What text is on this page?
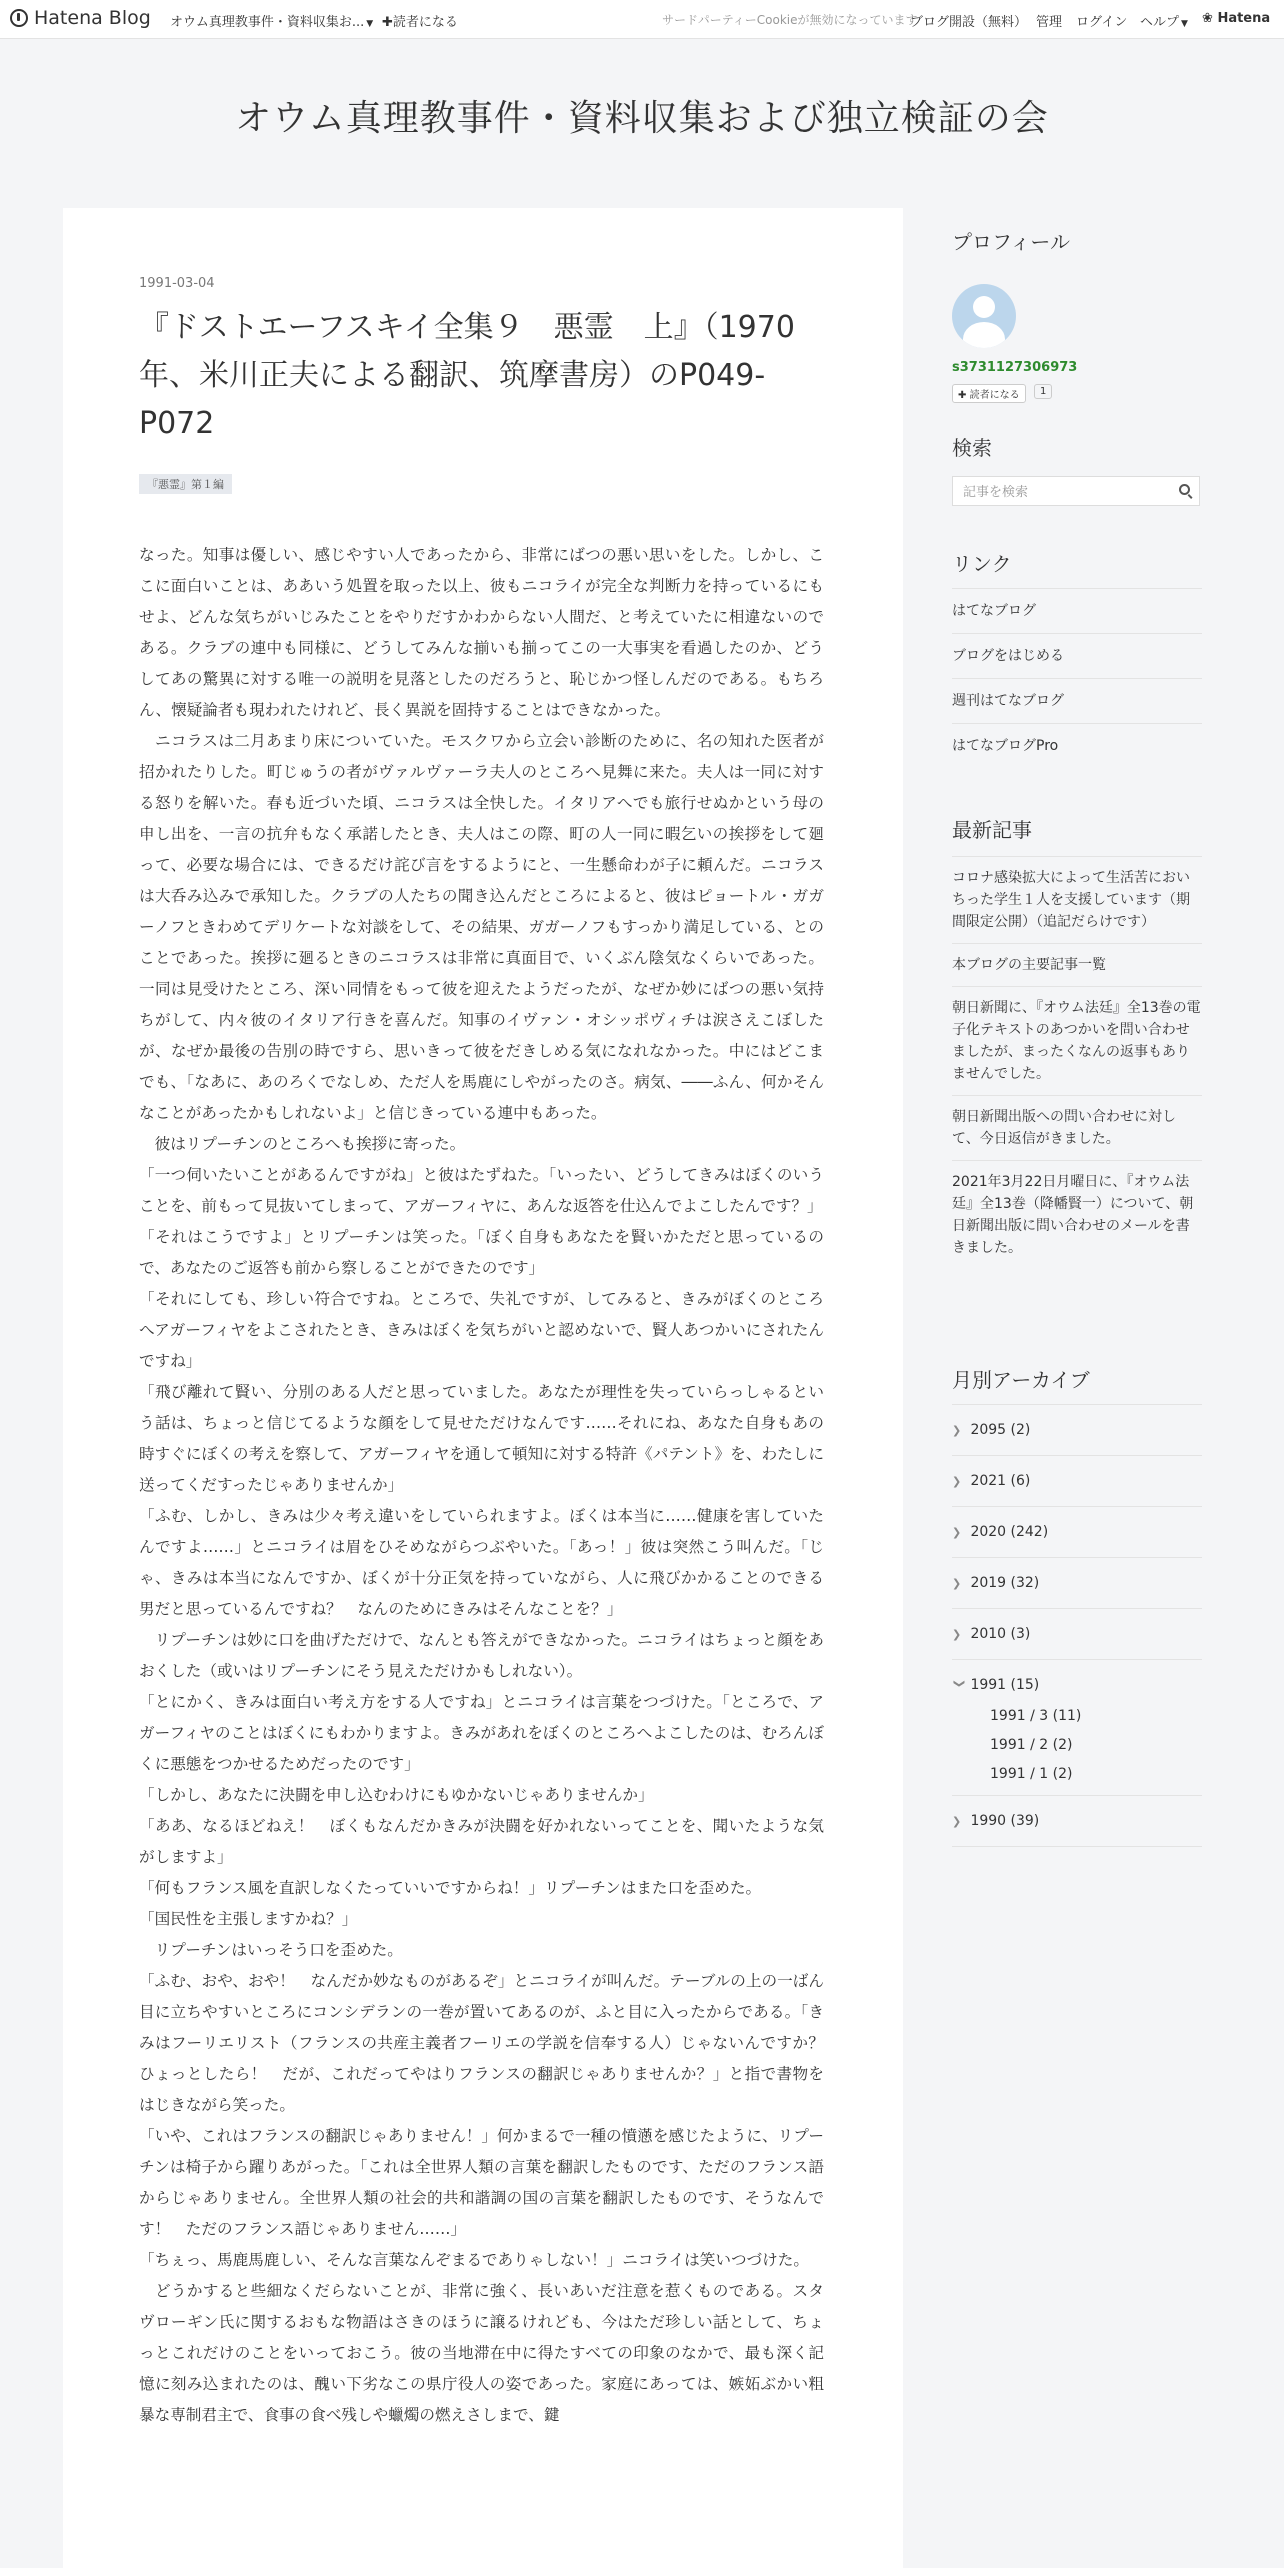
Hatena Blog オウム真理教事件・資料収集お... ▼ ✚読者になる	サードパーティーCookieが無効になっています
ブログ開設（無料） 管理 ログイン ヘルプ ▼ ❀ Hatena
オウム真理教事件・資料収集および独立検証の会
1991-03-04
『ドストエーフスキイ全集９　悪霊　上』（1970年、米川正夫による翻訳、筑摩書房）のP049-P072
『悪霊』第１編

なった。知事は優しい、感じやすい人であったから、非常にばつの悪い思いをした。しかし、ここに面白いことは、ああいう処置を取った以上、彼もニコライが完全な判断力を持っているにもせよ、どんな気ちがいじみたことをやりだすかわからない人間だ、と考えていたに相違ないのである。クラブの連中も同様に、どうしてみんな揃いも揃ってこの一大事実を看過したのか、どうしてあの驚異に対する唯一の説明を見落としたのだろうと、恥じかつ怪しんだのである。もちろん、懐疑論者も現われたけれど、長く異説を固持することはできなかった。

　ニコラスは二月あまり床についていた。モスクワから立会い診断のために、名の知れた医者が招かれたりした。町じゅうの者がヴァルヴァーラ夫人のところへ見舞に来た。夫人は一同に対する怒りを解いた。春も近づいた頃、ニコラスは全快した。イタリアへでも旅行せぬかという母の申し出を、一言の抗弁もなく承諾したとき、夫人はこの際、町の人一同に暇乞いの挨拶をして廻って、必要な場合には、できるだけ詫び言をするようにと、一生懸命わが子に頼んだ。ニコラスは大呑み込みで承知した。クラブの人たちの聞き込んだところによると、彼はピョートル・ガガーノフときわめてデリケートな対談をして、その結果、ガガーノフもすっかり満足している、とのことであった。挨拶に廻るときのニコラスは非常に真面目で、いくぶん陰気なくらいであった。一同は見受けたところ、深い同情をもって彼を迎えたようだったが、なぜか妙にばつの悪い気持ちがして、内々彼のイタリア行きを喜んだ。知事のイヴァン・オシッポヴィチは涙さえこぼしたが、なぜか最後の告別の時ですら、思いきって彼をだきしめる気になれなかった。中にはどこまでも、「なあに、あのろくでなしめ、ただ人を馬鹿にしやがったのさ。病気、――ふん、何かそんなことがあったかもしれないよ」と信じきっている連中もあった。

　彼はリプーチンのところへも挨拶に寄った。

「一つ伺いたいことがあるんですがね」と彼はたずねた。「いったい、どうしてきみはぼくのいうことを、前もって見抜いてしまって、アガーフィヤに、あんな返答を仕込んでよこしたんです？」

「それはこうですよ」とリプーチンは笑った。「ぼく自身もあなたを賢いかただと思っているので、あなたのご返答も前から察しることができたのです」

「それにしても、珍しい符合ですね。ところで、失礼ですが、してみると、きみがぼくのところへアガーフィヤをよこされたとき、きみはぼくを気ちがいと認めないで、賢人あつかいにされたんですね」

「飛び離れて賢い、分別のある人だと思っていました。あなたが理性を失っていらっしゃるという話は、ちょっと信じてるような顔をして見せただけなんです……それにね、あなた自身もあの時すぐにぼくの考えを察して、アガーフィヤを通して頓知に対する特許《パテント》を、わたしに送ってくだすったじゃありませんか」

「ふむ、しかし、きみは少々考え違いをしていられますよ。ぼくは本当に……健康を害していたんですよ……」とニコライは眉をひそめながらつぶやいた。「あっ！」彼は突然こう叫んだ。「じゃ、きみは本当になんですか、ぼくが十分正気を持っていながら、人に飛びかかることのできる男だと思っているんですね？　なんのためにきみはそんなことを？」

　リプーチンは妙に口を曲げただけで、なんとも答えができなかった。ニコライはちょっと顔をあおくした（或いはリプーチンにそう見えただけかもしれない）。

「とにかく、きみは面白い考え方をする人ですね」とニコライは言葉をつづけた。「ところで、アガーフィヤのことはぼくにもわかりますよ。きみがあれをぼくのところへよこしたのは、むろんぼくに悪態をつかせるためだったのです」

「しかし、あなたに決闘を申し込むわけにもゆかないじゃありませんか」

「ああ、なるほどねえ！　ぼくもなんだかきみが決闘を好かれないってことを、聞いたような気がしますよ」

「何もフランス風を直訳しなくたっていいですからね！」リプーチンはまた口を歪めた。

「国民性を主張しますかね？」

　リプーチンはいっそう口を歪めた。

「ふむ、おや、おや！　なんだか妙なものがあるぞ」とニコライが叫んだ。テーブルの上の一ばん目に立ちやすいところにコンシデランの一巻が置いてあるのが、ふと目に入ったからである。「きみはフーリエリスト（フランスの共産主義者フーリエの学説を信奉する人）じゃないんですか？　ひょっとしたら！　だが、これだってやはりフランスの翻訳じゃありませんか？」と指で書物をはじきながら笑った。

「いや、これはフランスの翻訳じゃありません！」何かまるで一種の憤懣を感じたように、リプーチンは椅子から躍りあがった。「これは全世界人類の言葉を翻訳したものです、ただのフランス語からじゃありません。全世界人類の社会的共和諧調の国の言葉を翻訳したものです、そうなんです！　ただのフランス語じゃありません……」

「ちぇっ、馬鹿馬鹿しい、そんな言葉なんぞまるでありゃしない！」ニコライは笑いつづけた。

　どうかすると些細なくだらないことが、非常に強く、長いあいだ注意を惹くものである。スタヴローギン氏に関するおもな物語はさきのほうに譲るけれども、今はただ珍しい話として、ちょっとこれだけのことをいっておこう。彼の当地滞在中に得たすべての印象のなかで、最も深く記憶に刻み込まれたのは、醜い下劣なこの県庁役人の姿であった。家庭にあっては、嫉妬ぶかい粗暴な専制君主で、食事の食べ残しや蠟燭の燃えさしまで、鍵

プロフィール
s3731127306973
✚ 読者になる	1
検索
記事を検索
リンク
はてなブログ
ブログをはじめる
週刊はてなブログ
はてなブログPro
最新記事
コロナ感染拡大によって生活苦においちった学生１人を支援しています（期間限定公開）（追記だらけです）
本ブログの主要記事一覧
朝日新聞に、『オウム法廷』全13巻の電子化テキストのあつかいを問い合わせましたが、まったくなんの返事もありませんでした。
朝日新聞出版への問い合わせに対して、今日返信がきました。
2021年3月22日月曜日に、『オウム法廷』全13巻（降幡賢一）について、朝日新聞出版に問い合わせのメールを書きました。
月別アーカイブ
❯ 2095 (2)
❯ 2021 (6)
❯ 2020 (242)
❯ 2019 (32)
❯ 2010 (3)
❯ 1991 (15)
1991 / 3 (11)
1991 / 2 (2)
1991 / 1 (2)
❯ 1990 (39)
